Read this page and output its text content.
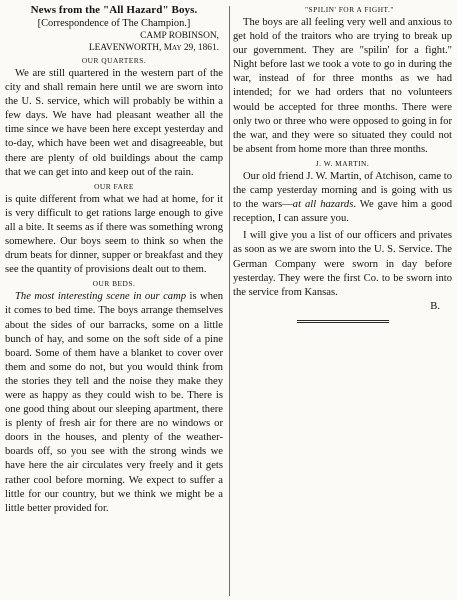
News from the "All Hazard" Boys.
[Correspondence of The Champion.]
CAMP ROBINSON,
LEAVENWORTH, May 29, 1861.
OUR QUARTERS.

We are still quartered in the western part of the city and shall remain here until we are sworn into the U. S. service, which will probably be within a few days. We have had pleasant weather all the time since we have been here except yesterday and to-day, which have been wet and disagreeable, but there are plenty of old buildings about the camp that we can get into and keep out of the rain.

OUR FARE

is quite different from what we had at home, for it is very difficult to get rations large enough to give all a bite. It seems as if there was something wrong somewhere. Our boys seem to think so when the drum beats for dinner, supper or breakfast and they see the quantity of provisions dealt out to them.

OUR BEDS.

The most interesting scene in our camp is when it comes to bed time. The boys arrange themselves about the sides of our barracks, some on a little bunch of hay, and some on the soft side of a pine board. Some of them have a blanket to cover over them and some do not, but you would think from the stories they tell and the noise they make they were as happy as they could wish to be. There is one good thing about our sleeping apartment, there is plenty of fresh air for there are no windows or doors in the houses, and plenty of the weather-boards off, so you see with the strong winds we have here the air circulates very freely and it gets rather cool before morning. We expect to suffer a little for our country, but we think we might be a little better provided for.

"SPILIN' FOR A FIGHT."

The boys are all feeling very well and anxious to get hold of the traitors who are trying to break up our government. They are "spilin' for a fight." Night before last we took a vote to go in during the war, instead of for three months as we had intended; for we had orders that no volunteers would be accepted for three months. There were only two or three who were opposed to going in for the war, and they were so situated they could not be absent from home more than three months.

J. W. MARTIN.

Our old friend J. W. Martin, of Atchison, came to the camp yesterday morning and is going with us to the wars—at all hazards. We gave him a good reception, I can assure you.

I will give you a list of our officers and privates as soon as we are sworn into the U. S. Service. The German Company were sworn in day before yesterday. They were the first Co. to be sworn into the service from Kansas.

B.
